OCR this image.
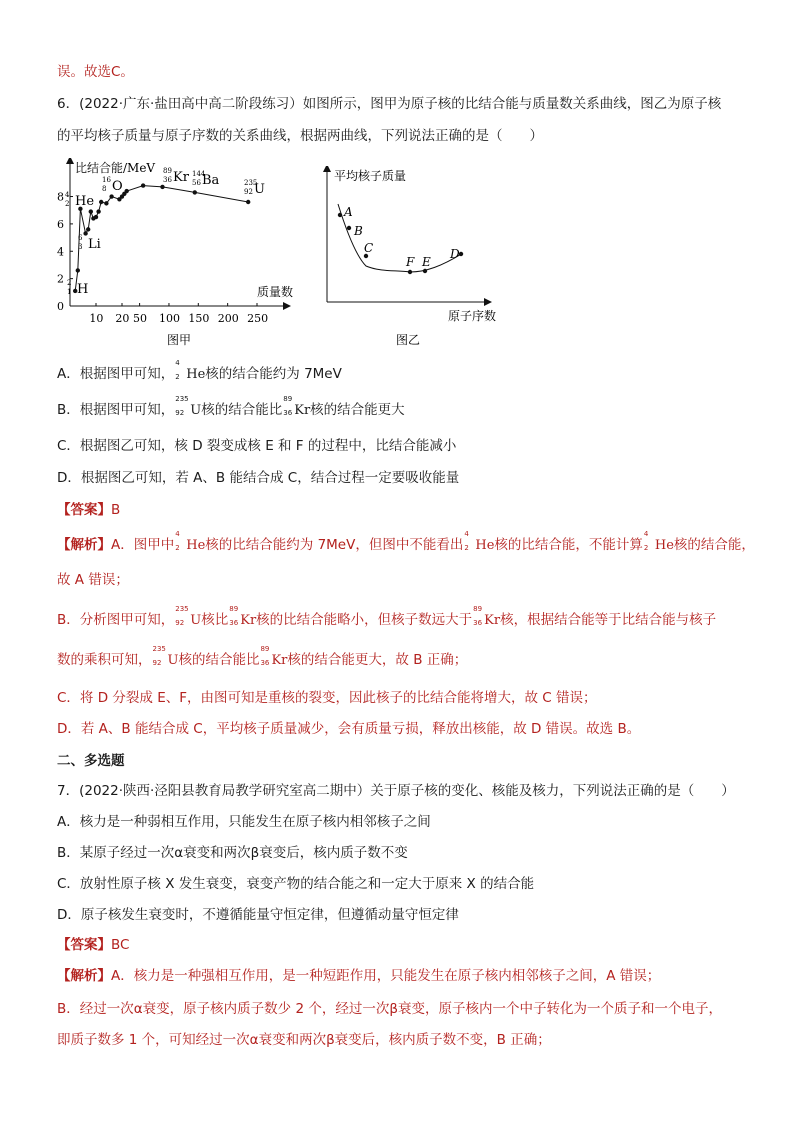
误。故选C。
6．(2022·广东·盐田高中高二阶段练习）如图所示，图甲为原子核的比结合能与质量数关系曲线，图乙为原子核
的平均核子质量与原子序数的关系曲线，根据两曲线，下列说法正确的是（　　）
比结合能/MeV
质量数
0
2
4
6
8
10 20 50 100 150 200 250
2
1 H
6
3 Li
4
2 He
16
8 O
89
36 Kr 144
56 Ba	235
92 U
图甲
平均核子质量
原子序数
A
B
C
F E
D
图乙
A．根据图甲可知，
4
2 He核的结合能约为 7MeV
B．根据图甲可知，
235
92 U核的结合能比
89
36 Kr核的结合能更大
C．根据图乙可知，核 D 裂变成核 E 和 F 的过程中，比结合能减小
D．根据图乙可知，若 A、B 能结合成 C，结合过程一定要吸收能量
【答案】B
【解析】A．图甲中
4
2 He核的比结合能约为 7MeV，但图中不能看出
4
2 He核的比结合能，不能计算
4
2 He核的结合能，
故 A 错误；
B．分析图甲可知，
235
92 U核比
89
36 Kr核的比结合能略小，但核子数远大于
89
36 Kr核，根据结合能等于比结合能与核子
数的乘积可知，
235
92 U核的结合能比
89
36 Kr核的结合能更大，故 B 正确；
C．将 D 分裂成 E、F，由图可知是重核的裂变，因此核子的比结合能将增大，故 C 错误；
D．若 A、B 能结合成 C，平均核子质量减少，会有质量亏损，释放出核能，故 D 错误。故选 B。
二、多选题
7．(2022·陕西·泾阳县教育局教学研究室高二期中）关于原子核的变化、核能及核力，下列说法正确的是（　　）
A．核力是一种弱相互作用，只能发生在原子核内相邻核子之间
B．某原子经过一次α衰变和两次β衰变后，核内质子数不变
C．放射性原子核 X 发生衰变，衰变产物的结合能之和一定大于原来 X 的结合能
D．原子核发生衰变时，不遵循能量守恒定律，但遵循动量守恒定律
【答案】BC
【解析】A．核力是一种强相互作用，是一种短距作用，只能发生在原子核内相邻核子之间，A 错误；
B．经过一次α衰变，原子核内质子数少 2 个，经过一次β衰变，原子核内一个中子转化为一个质子和一个电子，
即质子数多 1 个，可知经过一次α衰变和两次β衰变后，核内质子数不变，B 正确；
